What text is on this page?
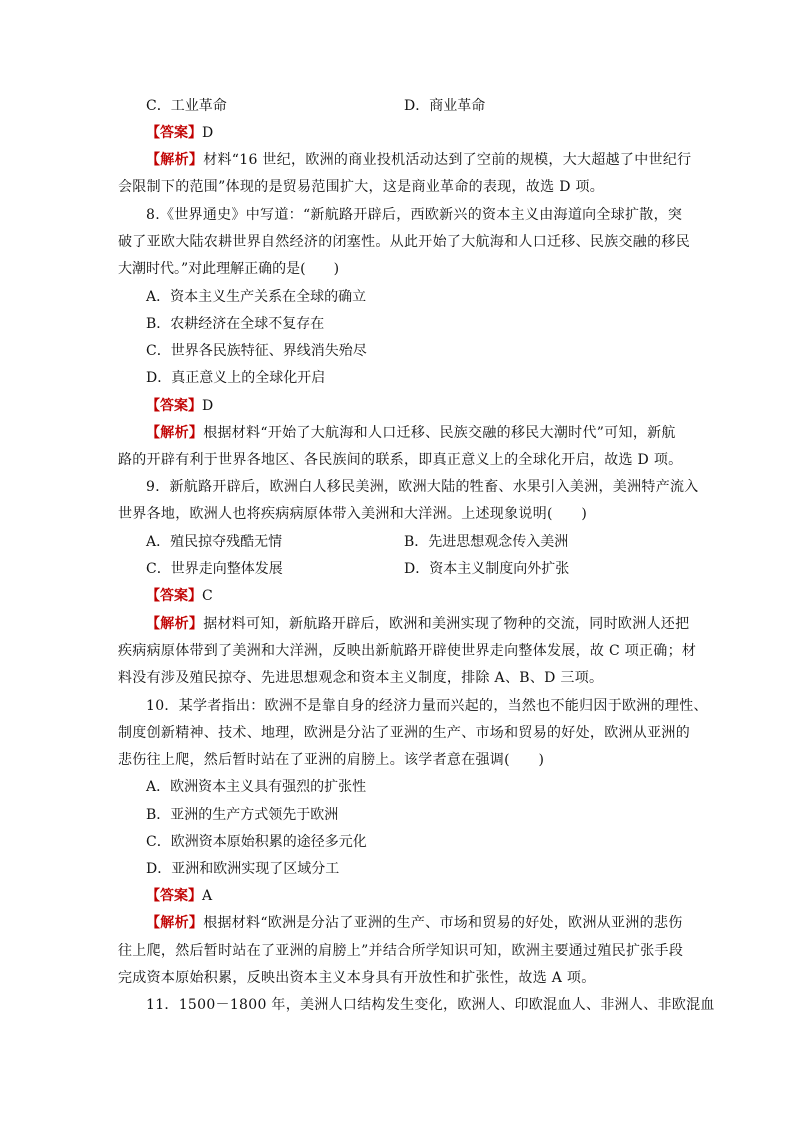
C．工业革命	D．商业革命
【答案】D
【解析】材料“16 世纪，欧洲的商业投机活动达到了空前的规模，大大超越了中世纪行
会限制下的范围”体现的是贸易范围扩大，这是商业革命的表现，故选 D 项。
8.《世界通史》中写道：“新航路开辟后，西欧新兴的资本主义由海道向全球扩散，突
破了亚欧大陆农耕世界自然经济的闭塞性。从此开始了大航海和人口迁移、民族交融的移民
大潮时代。”对此理解正确的是(　　)
A．资本主义生产关系在全球的确立
B．农耕经济在全球不复存在
C．世界各民族特征、界线消失殆尽
D．真正意义上的全球化开启
【答案】D
【解析】根据材料“开始了大航海和人口迁移、民族交融的移民大潮时代”可知，新航
路的开辟有利于世界各地区、各民族间的联系，即真正意义上的全球化开启，故选 D 项。
9．新航路开辟后，欧洲白人移民美洲，欧洲大陆的牲畜、水果引入美洲，美洲特产流入
世界各地，欧洲人也将疾病病原体带入美洲和大洋洲。上述现象说明(　　)
A．殖民掠夺残酷无情	B．先进思想观念传入美洲
C．世界走向整体发展	D．资本主义制度向外扩张
【答案】C
【解析】据材料可知，新航路开辟后，欧洲和美洲实现了物种的交流，同时欧洲人还把
疾病病原体带到了美洲和大洋洲，反映出新航路开辟使世界走向整体发展，故 C 项正确；材
料没有涉及殖民掠夺、先进思想观念和资本主义制度，排除 A、B、D 三项。
10．某学者指出：欧洲不是靠自身的经济力量而兴起的，当然也不能归因于欧洲的理性、
制度创新精神、技术、地理，欧洲是分沾了亚洲的生产、市场和贸易的好处，欧洲从亚洲的
悲伤往上爬，然后暂时站在了亚洲的肩膀上。该学者意在强调(　　)
A．欧洲资本主义具有强烈的扩张性
B．亚洲的生产方式领先于欧洲
C．欧洲资本原始积累的途径多元化
D．亚洲和欧洲实现了区域分工
【答案】A
【解析】根据材料“欧洲是分沾了亚洲的生产、市场和贸易的好处，欧洲从亚洲的悲伤
往上爬，然后暂时站在了亚洲的肩膀上”并结合所学知识可知，欧洲主要通过殖民扩张手段
完成资本原始积累，反映出资本主义本身具有开放性和扩张性，故选 A 项。
11．1500－1800 年，美洲人口结构发生变化，欧洲人、印欧混血人、非洲人、非欧混血
